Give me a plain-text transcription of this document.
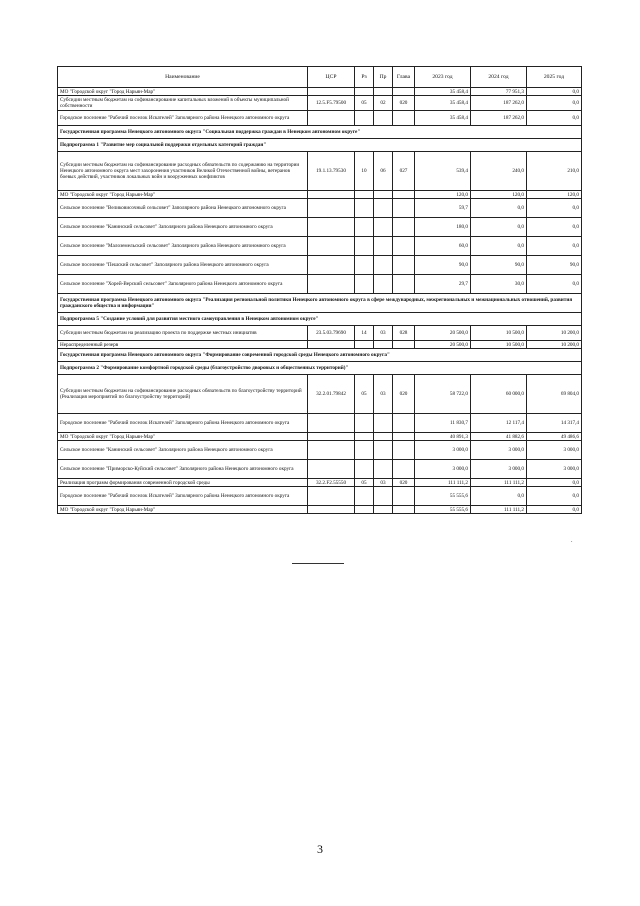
Наименование	ЦСР	Рз	Пр	Глава	2023 год	2024 год	2025 год
МО "Городской округ "Город Нарьян-Мар"					35 458,4	77 951,3	0,0
Субсидии местным бюджетам на софинансирование капитальных вложений в объекты муниципальной собственности	12.5.F5.79500	05	02	020	35 458,4	187 262,0	0,0
Городское поселение "Рабочий поселок Искателей" Заполярного района Ненецкого автономного округа					35 458,4	187 262,0	0,0
Государственная программа Ненецкого автономного округа "Социальная поддержка граждан в Ненецком автономном округе"							
Подпрограмма 1 "Развитие мер социальной поддержки отдельных категорий граждан"							
Субсидии местным бюджетам на софинансирование расходных обязательств по содержанию на территории Ненецкого автономного округа мест захоронения участников Великой Отечественной войны, ветеранов боевых действий, участников локальных войн и вооруженных конфликтов	19.1.13.79530	10	06	027	539,4	240,0	210,0
МО "Городской округ "Город Нарьян-Мар"					120,0	120,0	120,0
Сельское поселение "Великовисочный сельсовет" Заполярного района Ненецкого автономного округа					59,7	0,0	0,0
Сельское поселение "Канинский сельсовет" Заполярного района Ненецкого автономного округа					180,0	0,0	0,0
Сельское поселение "Малоземельский сельсовет" Заполярного района Ненецкого автономного округа					60,0	0,0	0,0
Сельское поселение "Пешский сельсовет" Заполярного района Ненецкого автономного округа					90,0	90,0	90,0
Сельское поселение "Хорей-Верский сельсовет" Заполярного района Ненецкого автономного округа					29,7	30,0	0,0
Государственная программа Ненецкого автономного округа "Реализация региональной политики Ненецкого автономного округа в сфере международных, межрегиональных и межнациональных отношений, развития гражданского общества и информации"							
Подпрограмма 5 "Создание условий для развития местного самоуправления в Ненецком автономном округе"							
Субсидии местным бюджетам на реализацию проекта по поддержке местных инициатив	23.5.03.79690	14	03	028	20 500,0	10 500,0	10 200,0
Нераспределенный резерв					20 500,0	10 500,0	10 200,0
Государственная программа Ненецкого автономного округа "Формирование современной городской среды Ненецкого автономного округа"							
Подпрограмма 2 "Формирование комфортной городской среды (благоустройство дворовых и общественных территорий)"							
Субсидии местным бюджетам на софинансирование расходных обязательств по благоустройству территорий (Реализация мероприятий по благоустройству территорий)	32.2.01.79842	05	03	020	58 722,0	60 000,0	69 804,0
Городское поселение "Рабочий поселок Искателей" Заполярного района Ненецкого автономного округа					11 830,7	12 117,4	14 317,4
МО "Городской округ "Город Нарьян-Мар"					40 891,3	41 882,6	49 486,6
Сельское поселение "Канинский сельсовет" Заполярного района Ненецкого автономного округа					3 000,0	3 000,0	3 000,0
Сельское поселение "Приморско-Куйский сельсовет" Заполярного района Ненецкого автономного округа					3 000,0	3 000,0	3 000,0
Реализация программ формирования современной городской среды	32.2.F2.55550	05	03	020	111 111,2	111 111,2	0,0
Городское поселение "Рабочий поселок Искателей" Заполярного района Ненецкого автономного округа					55 555,6	0,0	0,0
МО "Городской округ "Город Нарьян-Мар"					55 555,6	111 111,2	0,0
.
3
